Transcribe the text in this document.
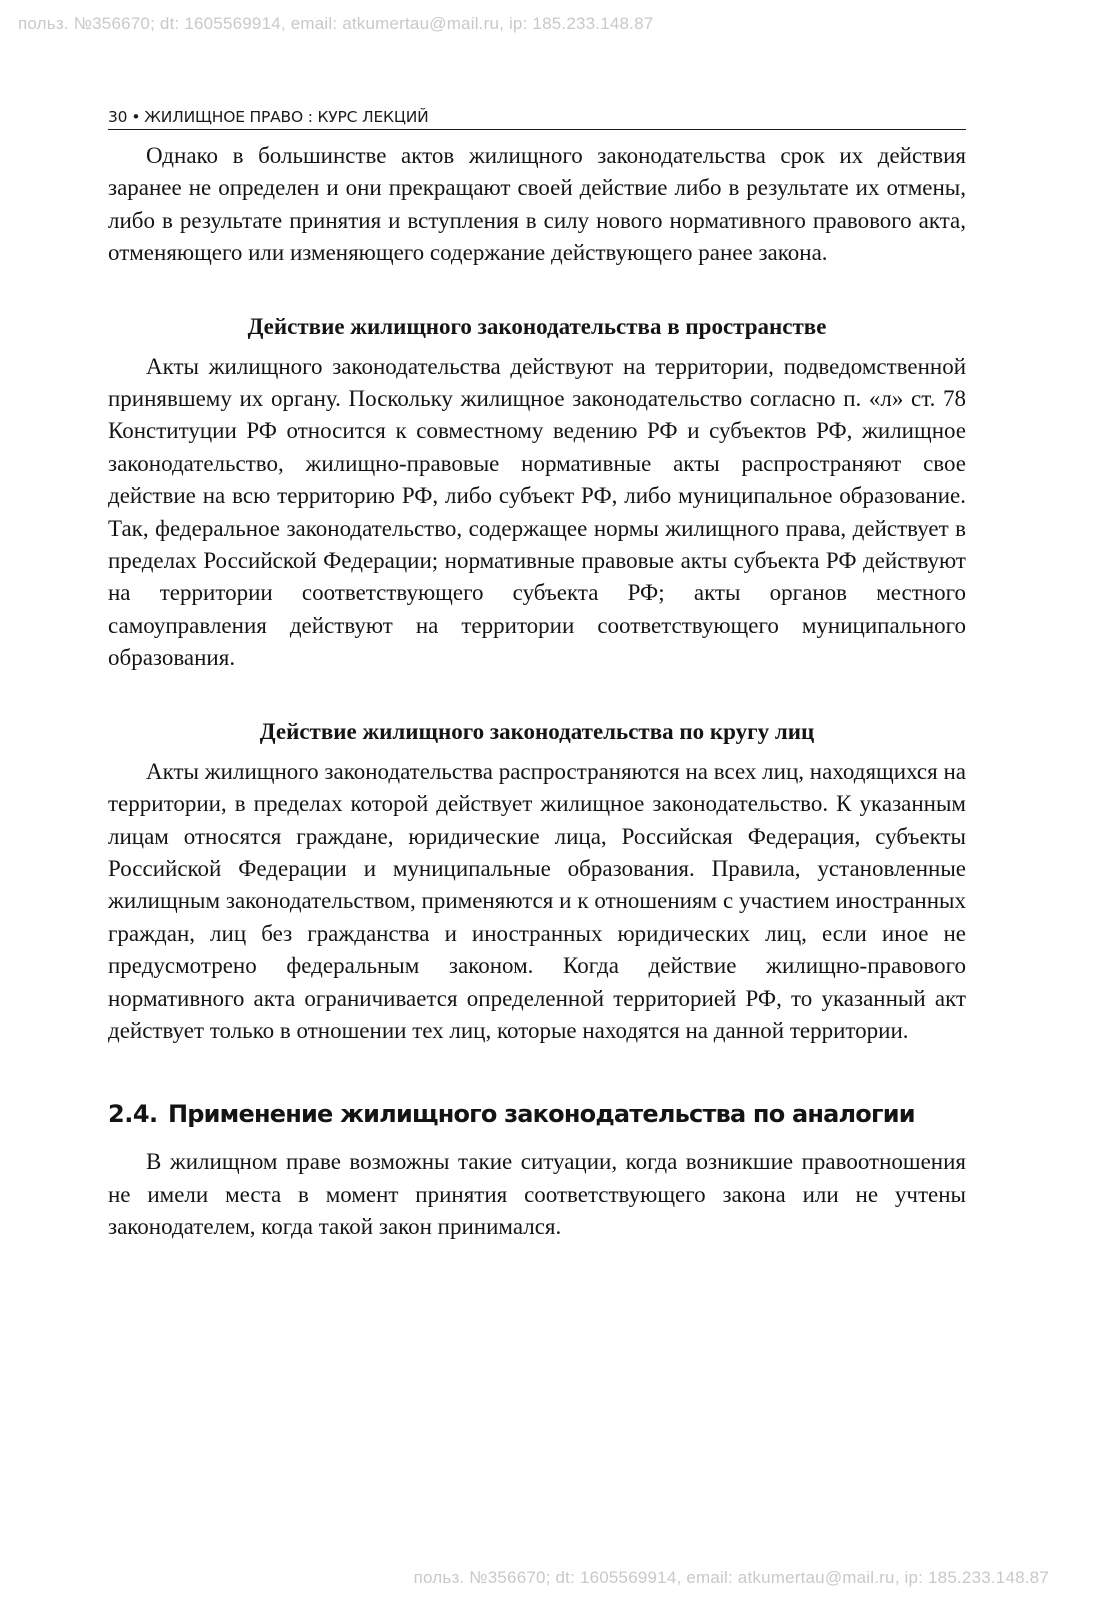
польз. №356670; dt: 1605569914, email: atkumertau@mail.ru, ip: 185.233.148.87
30 • ЖИЛИЩНОЕ ПРАВО : КУРС ЛЕКЦИЙ

Однако в большинстве актов жилищного законодательства срок их действия заранее не определен и они прекращают своей действие либо в результате их отмены, либо в результате принятия и вступления в силу нового нормативного правового акта, отменяющего или изменяющего содержание действующего ранее закона.

Действие жилищного законодательства в пространстве

Акты жилищного законодательства действуют на территории, подведомственной принявшему их органу. Поскольку жилищное законодательство согласно п. «л» ст. 78 Конституции РФ относится к совместному ведению РФ и субъектов РФ, жилищное законодательство, жилищно-правовые нормативные акты распространяют свое действие на всю территорию РФ, либо субъект РФ, либо муниципальное образование. Так, федеральное законодательство, содержащее нормы жилищного права, действует в пределах Российской Федерации; нормативные правовые акты субъекта РФ действуют на территории соответствующего субъекта РФ; акты органов местного самоуправления действуют на территории соответствующего муниципального образования.

Действие жилищного законодательства по кругу лиц

Акты жилищного законодательства распространяются на всех лиц, находящихся на территории, в пределах которой действует жилищное законодательство. К указанным лицам относятся граждане, юридические лица, Российская Федерация, субъекты Российской Федерации и муниципальные образования. Правила, установленные жилищным законодательством, применяются и к отношениям с участием иностранных граждан, лиц без гражданства и иностранных юридических лиц, если иное не предусмотрено федеральным законом. Когда действие жилищно-правового нормативного акта ограничивается определенной территорией РФ, то указанный акт действует только в отношении тех лиц, которые находятся на данной территории.

2.4. Применение жилищного законодательства по аналогии

В жилищном праве возможны такие ситуации, когда возникшие правоотношения не имели места в момент принятия соответствующего закона или не учтены законодателем, когда такой закон принимался.

польз. №356670; dt: 1605569914, email: atkumertau@mail.ru, ip: 185.233.148.87
